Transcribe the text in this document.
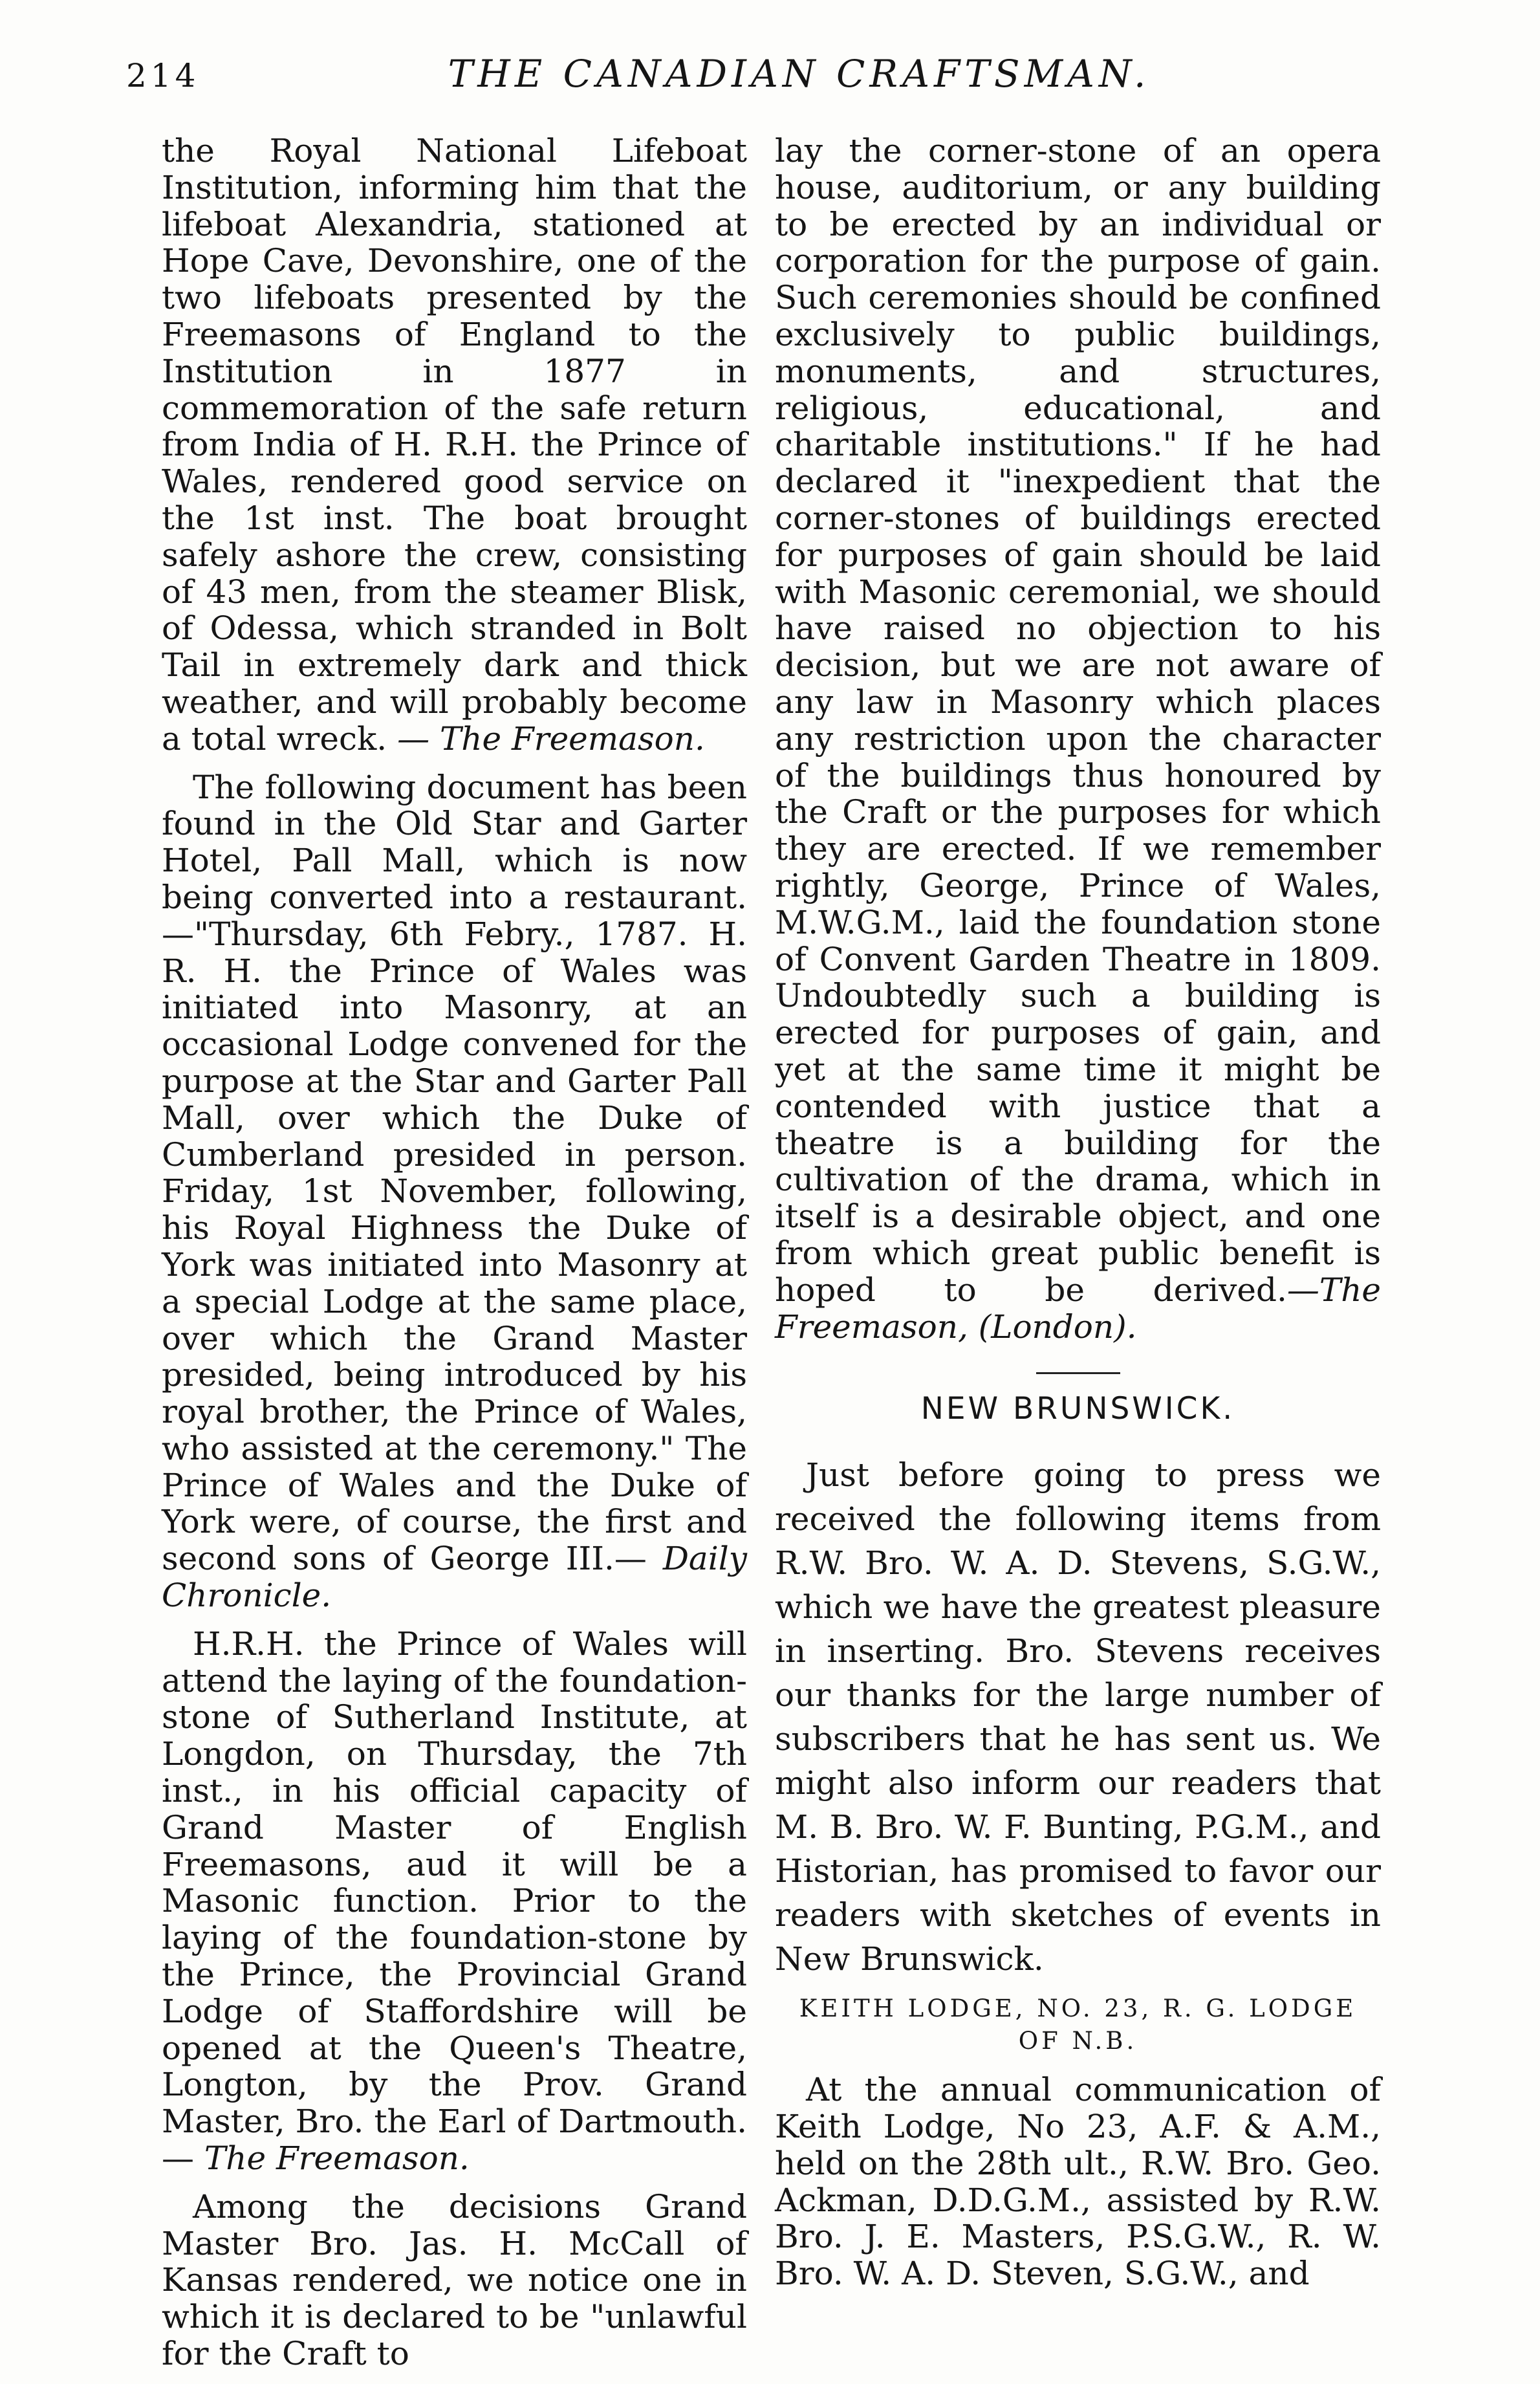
214	THE CANADIAN CRAFTSMAN.

the Royal National Lifeboat Institution, informing him that the lifeboat Alexandria, stationed at Hope Cave, Devonshire, one of the two lifeboats presented by the Freemasons of England to the Institution in 1877 in commemoration of the safe return from India of H. R.H. the Prince of Wales, rendered good service on the 1st inst. The boat brought safely ashore the crew, consisting of 43 men, from the steamer Blisk, of Odessa, which stranded in Bolt Tail in extremely dark and thick weather, and will probably become a total wreck. — The Freemason.

The following document has been found in the Old Star and Garter Hotel, Pall Mall, which is now being converted into a restaurant.—"Thursday, 6th Febry., 1787. H. R. H. the Prince of Wales was initiated into Masonry, at an occasional Lodge convened for the purpose at the Star and Garter Pall Mall, over which the Duke of Cumberland presided in person. Friday, 1st November, following, his Royal Highness the Duke of York was initiated into Masonry at a special Lodge at the same place, over which the Grand Master presided, being introduced by his royal brother, the Prince of Wales, who assisted at the ceremony." The Prince of Wales and the Duke of York were, of course, the first and second sons of George III.— Daily Chronicle.

H.R.H. the Prince of Wales will attend the laying of the foundation-stone of Sutherland Institute, at Longdon, on Thursday, the 7th inst., in his official capacity of Grand Master of English Freemasons, aud it will be a Masonic function. Prior to the laying of the foundation-stone by the Prince, the Provincial Grand Lodge of Staffordshire will be opened at the Queen's Theatre, Longton, by the Prov. Grand Master, Bro. the Earl of Dartmouth.— The Freemason.

Among the decisions Grand Master Bro. Jas. H. McCall of Kansas rendered, we notice one in which it is declared to be "unlawful for the Craft to

lay the corner-stone of an opera house, auditorium, or any building to be erected by an individual or corporation for the purpose of gain. Such ceremonies should be confined exclusively to public buildings, monuments, and structures, religious, educational, and charitable institutions." If he had declared it "inexpedient that the corner-stones of buildings erected for purposes of gain should be laid with Masonic ceremonial, we should have raised no objection to his decision, but we are not aware of any law in Masonry which places any restriction upon the character of the buildings thus honoured by the Craft or the purposes for which they are erected. If we remember rightly, George, Prince of Wales, M.W.G.M., laid the foundation stone of Convent Garden Theatre in 1809. Undoubtedly such a building is erected for purposes of gain, and yet at the same time it might be contended with justice that a theatre is a building for the cultivation of the drama, which in itself is a desirable object, and one from which great public benefit is hoped to be derived.—The Freemason, (London).

NEW BRUNSWICK.

Just before going to press we received the following items from R.W. Bro. W. A. D. Stevens, S.G.W., which we have the greatest pleasure in inserting. Bro. Stevens receives our thanks for the large number of subscribers that he has sent us. We might also inform our readers that M. B. Bro. W. F. Bunting, P.G.M., and Historian, has promised to favor our readers with sketches of events in New Brunswick.

KEITH LODGE, NO. 23, R. G. LODGE OF N.B.

At the annual communication of Keith Lodge, No 23, A.F. & A.M., held on the 28th ult., R.W. Bro. Geo. Ackman, D.D.G.M., assisted by R.W. Bro. J. E. Masters, P.S.G.W., R. W. Bro. W. A. D. Steven, S.G.W., and
